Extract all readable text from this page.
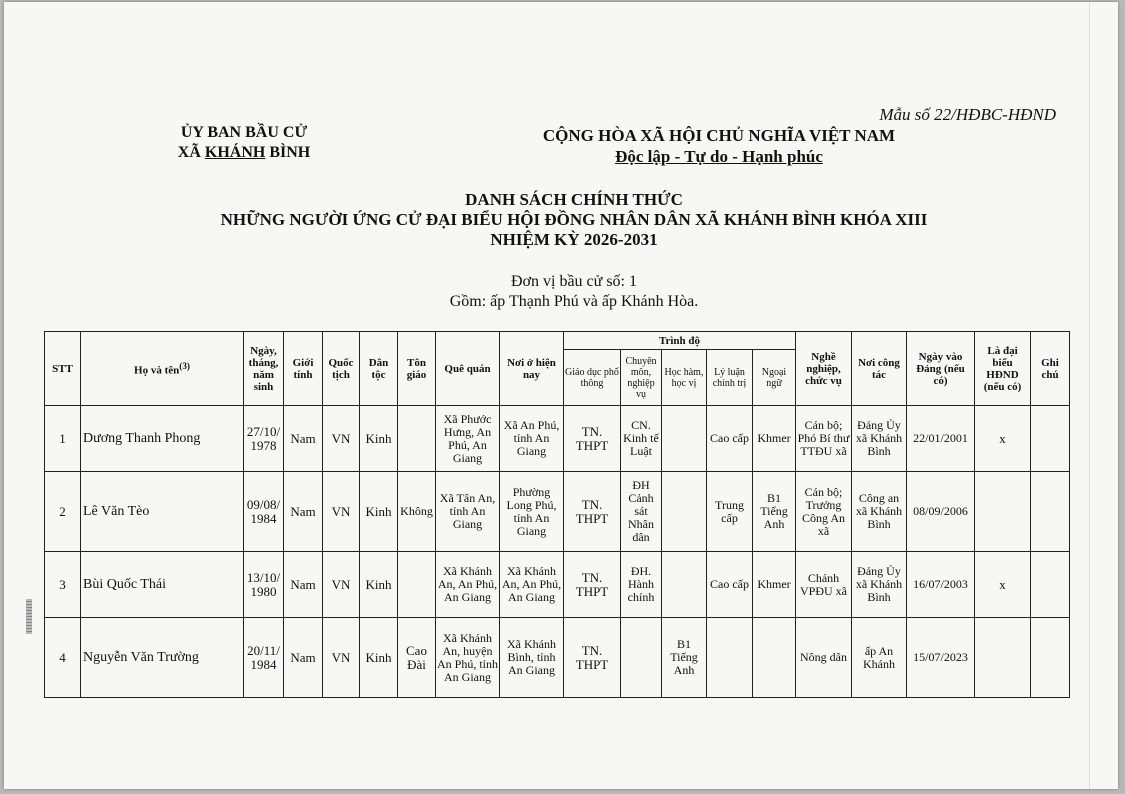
Mẫu số 22/HĐBC-HĐND
ỦY BAN BẦU CỬ
XÃ KHÁNH BÌNH
CỘNG HÒA XÃ HỘI CHỦ NGHĨA VIỆT NAM
Độc lập - Tự do - Hạnh phúc
DANH SÁCH CHÍNH THỨC
NHỮNG NGƯỜI ỨNG CỬ ĐẠI BIỂU HỘI ĐỒNG NHÂN DÂN XÃ KHÁNH BÌNH KHÓA XIII
NHIỆM KỲ 2026-2031
Đơn vị bầu cử số: 1
Gồm: ấp Thạnh Phú và ấp Khánh Hòa.
STT	Họ và tên$^{(3)}$	Ngày, tháng, năm sinh	Giới tính	Quốc tịch	Dân tộc	Tôn giáo	Quê quán	Nơi ở hiện nay	Trình độ					Nghề nghiệp, chức vụ	Nơi công tác	Ngày vào Đảng (nếu có)	Là đại biểu HĐND (nếu có)	Ghi chú
									Giáo dục phổ thông	Chuyên môn, nghiệp vụ	Học hàm, học vị	Lý luận chính trị	Ngoại ngữ					
1	Dương Thanh Phong	27/10/ 1978	Nam	VN	Kinh		Xã Phước Hưng, An Phú, An Giang	Xã An Phú, tỉnh An Giang	TN. THPT	CN. Kinh tế Luật		Cao cấp	Khmer	Cán bộ; Phó Bí thư TTĐU xã	Đảng Ủy xã Khánh Bình	22/01/2001	x	
2	Lê Văn Tèo	09/08/ 1984	Nam	VN	Kinh	Không	Xã Tân An, tỉnh An Giang	Phường Long Phú, tỉnh An Giang	TN. THPT	ĐH Cảnh sát Nhân dân		Trung cấp	B1 Tiếng Anh	Cán bộ; Trưởng Công An xã	Công an xã Khánh Bình	08/09/2006		
3	Bùi Quốc Thái	13/10/ 1980	Nam	VN	Kinh		Xã Khánh An, An Phú, An Giang	Xã Khánh An, An Phú, An Giang	TN. THPT	ĐH. Hành chính		Cao cấp	Khmer	Chánh VPĐU xã	Đảng Ủy xã Khánh Bình	16/07/2003	x	
4	Nguyễn Văn Trường	20/11/ 1984	Nam	VN	Kinh	Cao Đài	Xã Khánh An, huyện An Phú, tỉnh An Giang	Xã Khánh Bình, tỉnh An Giang	TN. THPT		B1 Tiếng Anh			Nông dân	ấp An Khánh	15/07/2023		
